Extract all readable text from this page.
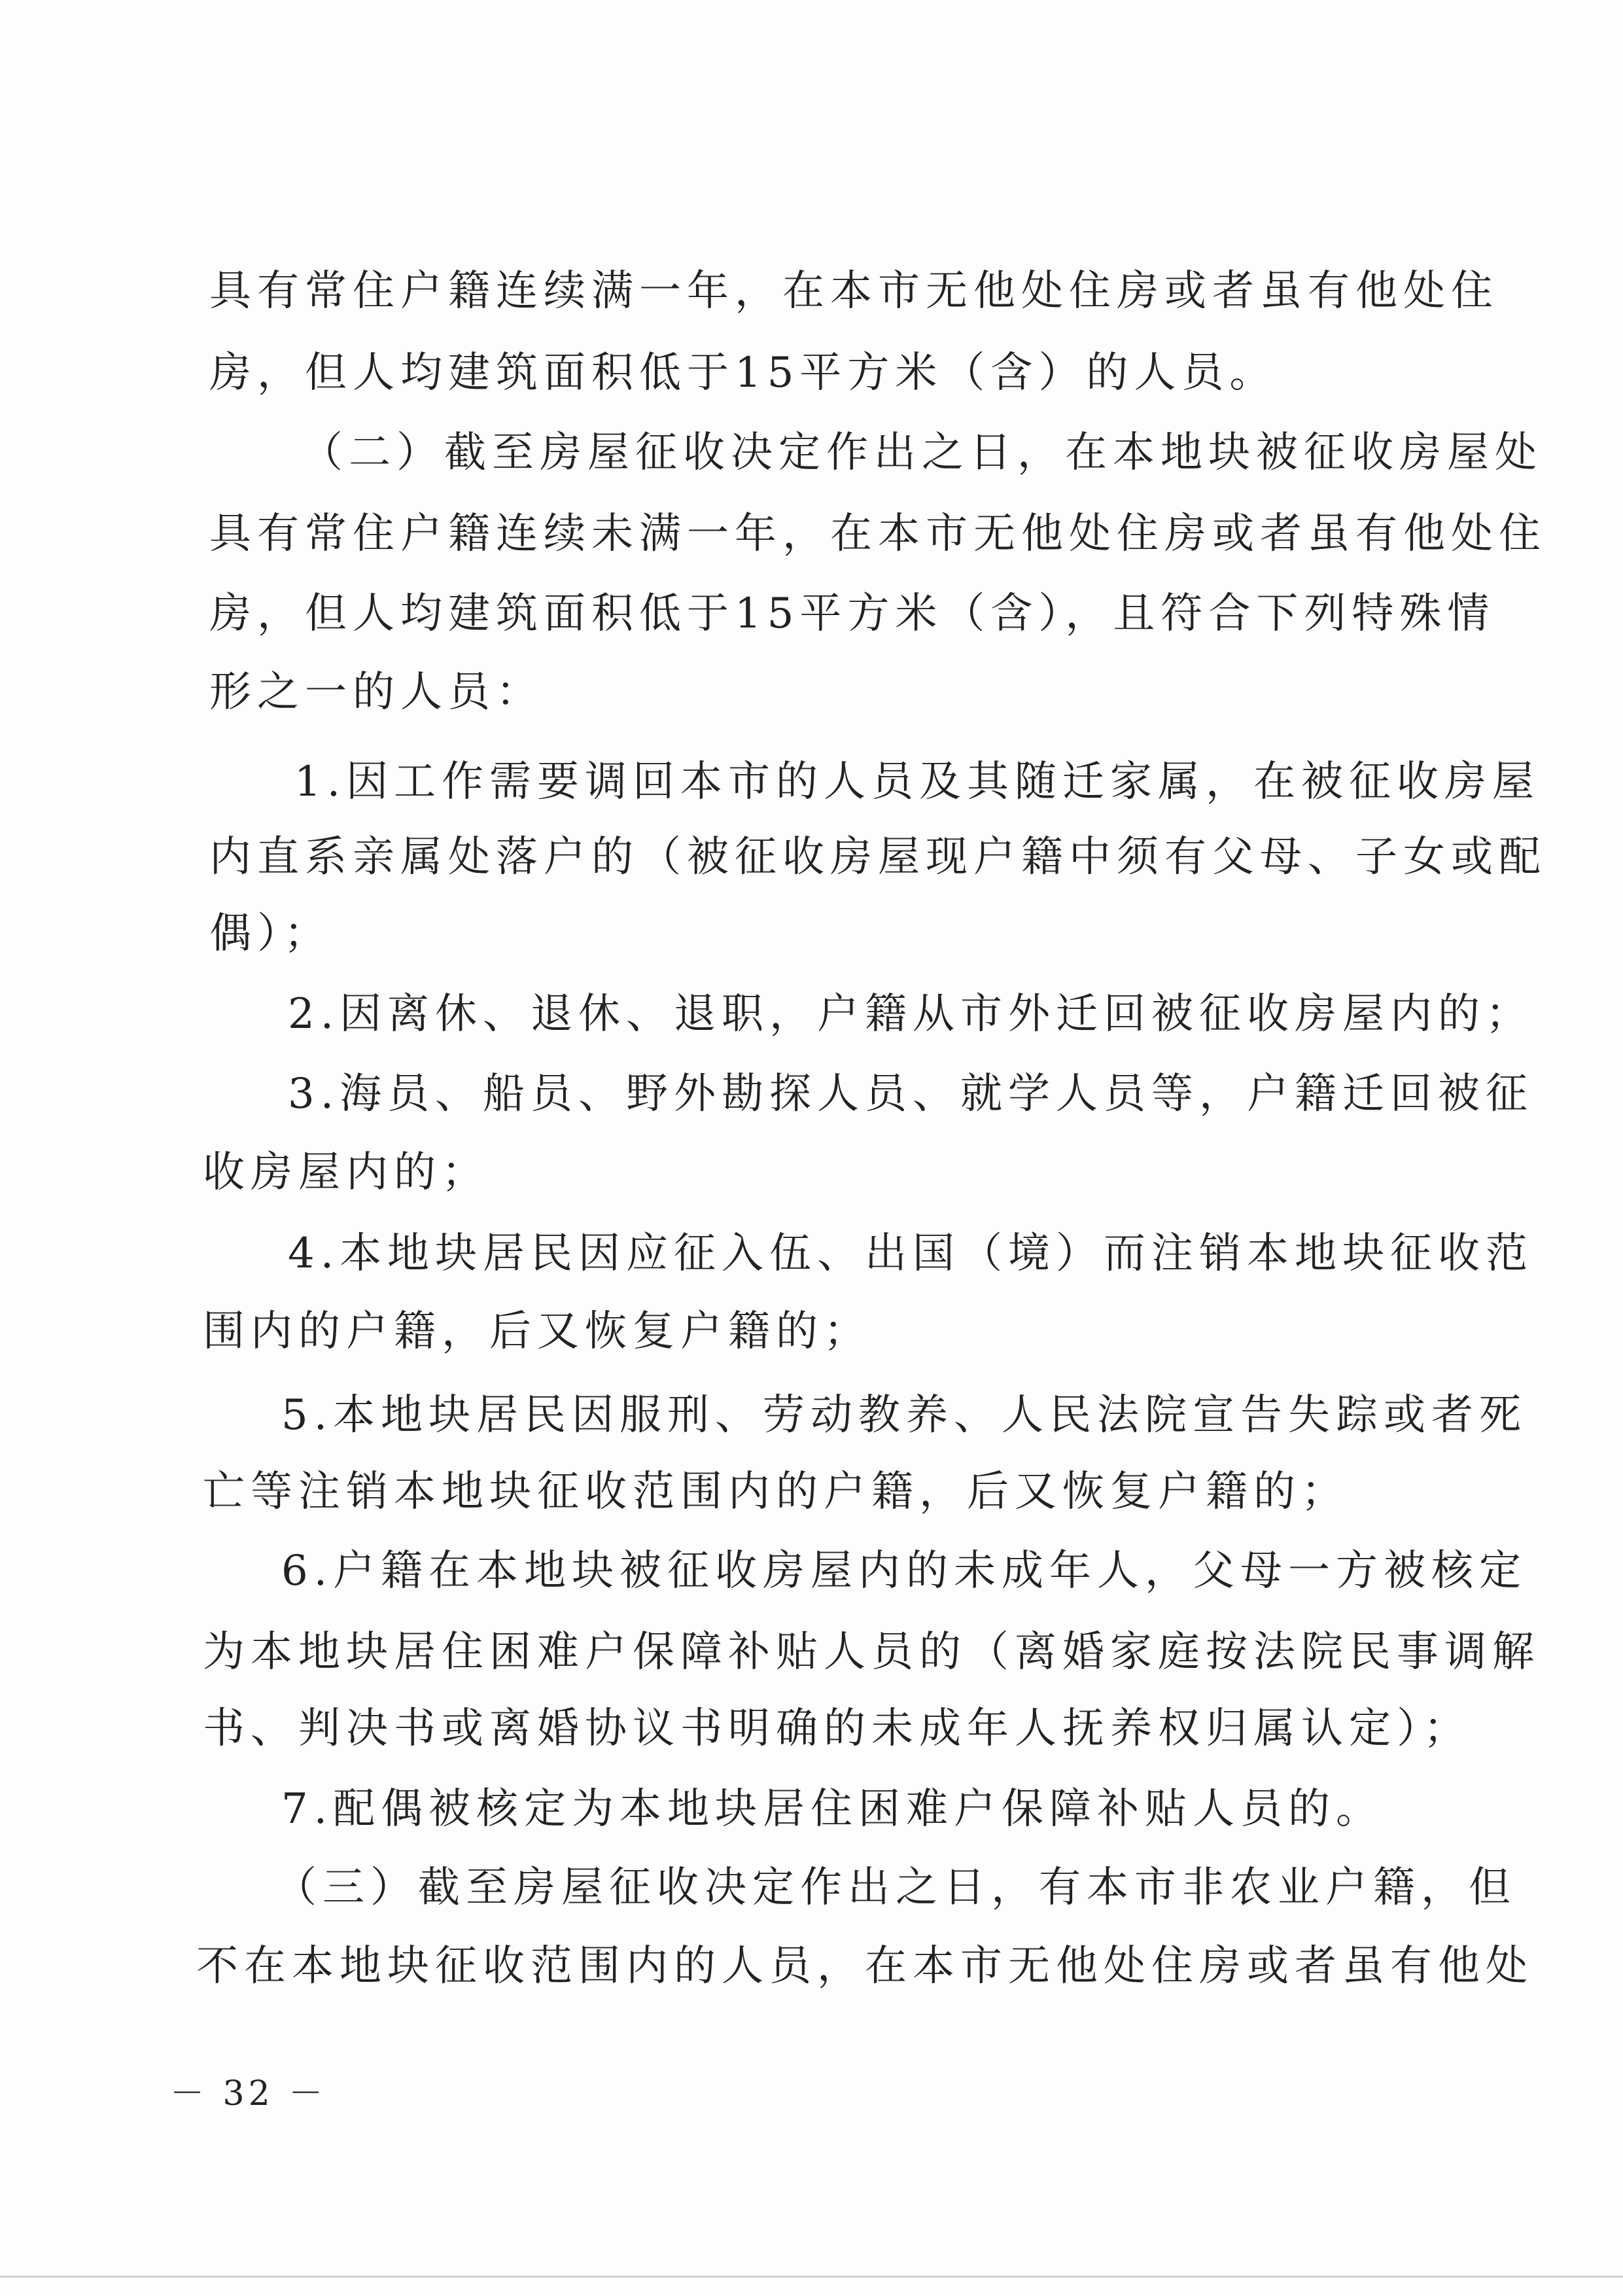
具有常住户籍连续满一年，在本市无他处住房或者虽有他处住
房，但人均建筑面积低于15平方米（含）的人员。
（二）截至房屋征收决定作出之日，在本地块被征收房屋处
具有常住户籍连续未满一年，在本市无他处住房或者虽有他处住
房，但人均建筑面积低于15平方米（含），且符合下列特殊情
形之一的人员：
1.因工作需要调回本市的人员及其随迁家属，在被征收房屋
内直系亲属处落户的（被征收房屋现户籍中须有父母、子女或配
偶）；
2.因离休、退休、退职，户籍从市外迁回被征收房屋内的；
3.海员、船员、野外勘探人员、就学人员等，户籍迁回被征
收房屋内的；
4.本地块居民因应征入伍、出国（境）而注销本地块征收范
围内的户籍，后又恢复户籍的；
5.本地块居民因服刑、劳动教养、人民法院宣告失踪或者死
亡等注销本地块征收范围内的户籍，后又恢复户籍的；
6.户籍在本地块被征收房屋内的未成年人，父母一方被核定
为本地块居住困难户保障补贴人员的（离婚家庭按法院民事调解
书、判决书或离婚协议书明确的未成年人抚养权归属认定）；
7.配偶被核定为本地块居住困难户保障补贴人员的。
（三）截至房屋征收决定作出之日，有本市非农业户籍，但
不在本地块征收范围内的人员，在本市无他处住房或者虽有他处
－ 32 －
